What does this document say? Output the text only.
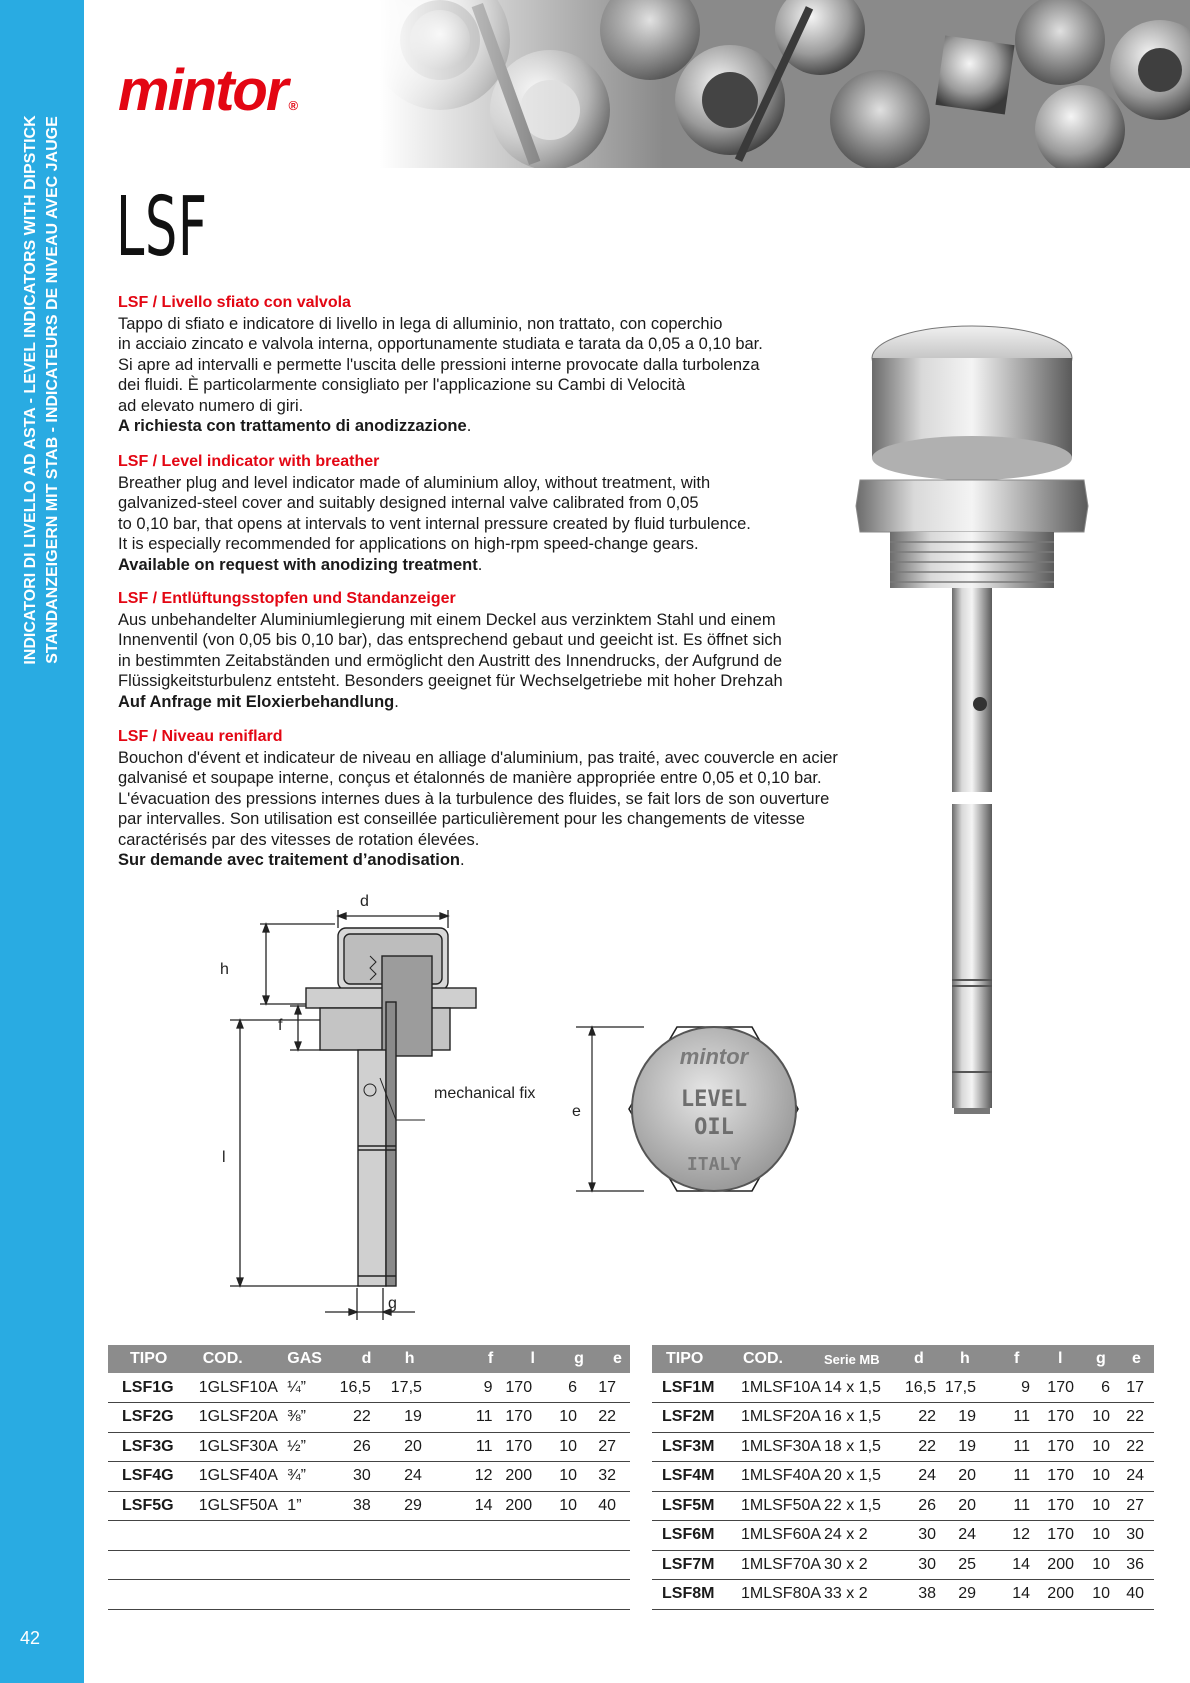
INDICATORI DI LIVELLO AD ASTA - LEVEL INDICATORS WITH DIPSTICK STANDANZEIGERN MIT STAB - INDICATEURS DE NIVEAU AVEC JAUGE
42
mintor ®
LSF

LSF / Livello sfiato con valvola

Tappo di sfiato e indicatore di livello in lega di alluminio, non trattato, con coperchio

in acciaio zincato e valvola interna, opportunamente studiata e tarata da 0,05 a 0,10 bar.

Si apre ad intervalli e permette l'uscita delle pressioni interne provocate dalla turbolenza

dei fluidi. È particolarmente consigliato per l'applicazione su Cambi di Velocità

ad elevato numero di giri.

A richiesta con trattamento di anodizzazione.

LSF / Level indicator with breather

Breather plug and level indicator made of aluminium alloy, without treatment, with

galvanized-steel cover and suitably designed internal valve calibrated from 0,05

to 0,10 bar, that opens at intervals to vent internal pressure created by fluid turbulence.

It is especially recommended for applications on high-rpm speed-change gears.

Available on request with anodizing treatment.

LSF / Entlüftungsstopfen und Standanzeiger

Aus unbehandelter Aluminiumlegierung mit einem Deckel aus verzinktem Stahl und einem

Innenventil (von 0,05 bis 0,10 bar), das entsprechend gebaut und geeicht ist. Es öffnet sich

in bestimmten Zeitabständen und ermöglicht den Austritt des Innendrucks, der Aufgrund de

Flüssigkeitsturbulenz entsteht. Besonders geeignet für Wechselgetriebe mit hoher Drehzah

Auf Anfrage mit Eloxierbehandlung.

LSF / Niveau reniflard

Bouchon d'évent et indicateur de niveau en alliage d'aluminium, pas traité, avec couvercle en acier

galvanisé et soupape interne, conçus et étalonnés de manière appropriée entre 0,05 et 0,10 bar.

L'évacuation des pressions internes dues à la turbulence des fluides, se fait lors de son ouverture

par intervalles. Son utilisation est conseillée particulièrement pour les changements de vitesse

caractérisés par des vitesses de rotation élevées.

Sur demande avec traitement d’anodisation.

d
h
f
l
g
mechanical fix
mintor
LEVEL
OIL
ITALY
e
TIPO	COD.	GAS	d	h	f	l	g	e
LSF1G	1GLSF10A	¼”	16,5	17,5	9	170	6	17
LSF2G	1GLSF20A	⅜”	22	19	11	170	10	22
LSF3G	1GLSF30A	½”	26	20	11	170	10	27
LSF4G	1GLSF40A	¾”	30	24	12	200	10	32
LSF5G	1GLSF50A	1”	38	29	14	200	10	40

TIPO	COD.	Serie MB	d	h	f	l	g	e
LSF1M	1MLSF10A	14 x 1,5	16,5	17,5	9	170	6	17
LSF2M	1MLSF20A	16 x 1,5	22	19	11	170	10	22
LSF3M	1MLSF30A	18 x 1,5	22	19	11	170	10	22
LSF4M	1MLSF40A	20 x 1,5	24	20	11	170	10	24
LSF5M	1MLSF50A	22 x 1,5	26	20	11	170	10	27
LSF6M	1MLSF60A	24 x 2	30	24	12	170	10	30
LSF7M	1MLSF70A	30 x 2	30	25	14	200	10	36
LSF8M	1MLSF80A	33 x 2	38	29	14	200	10	40
